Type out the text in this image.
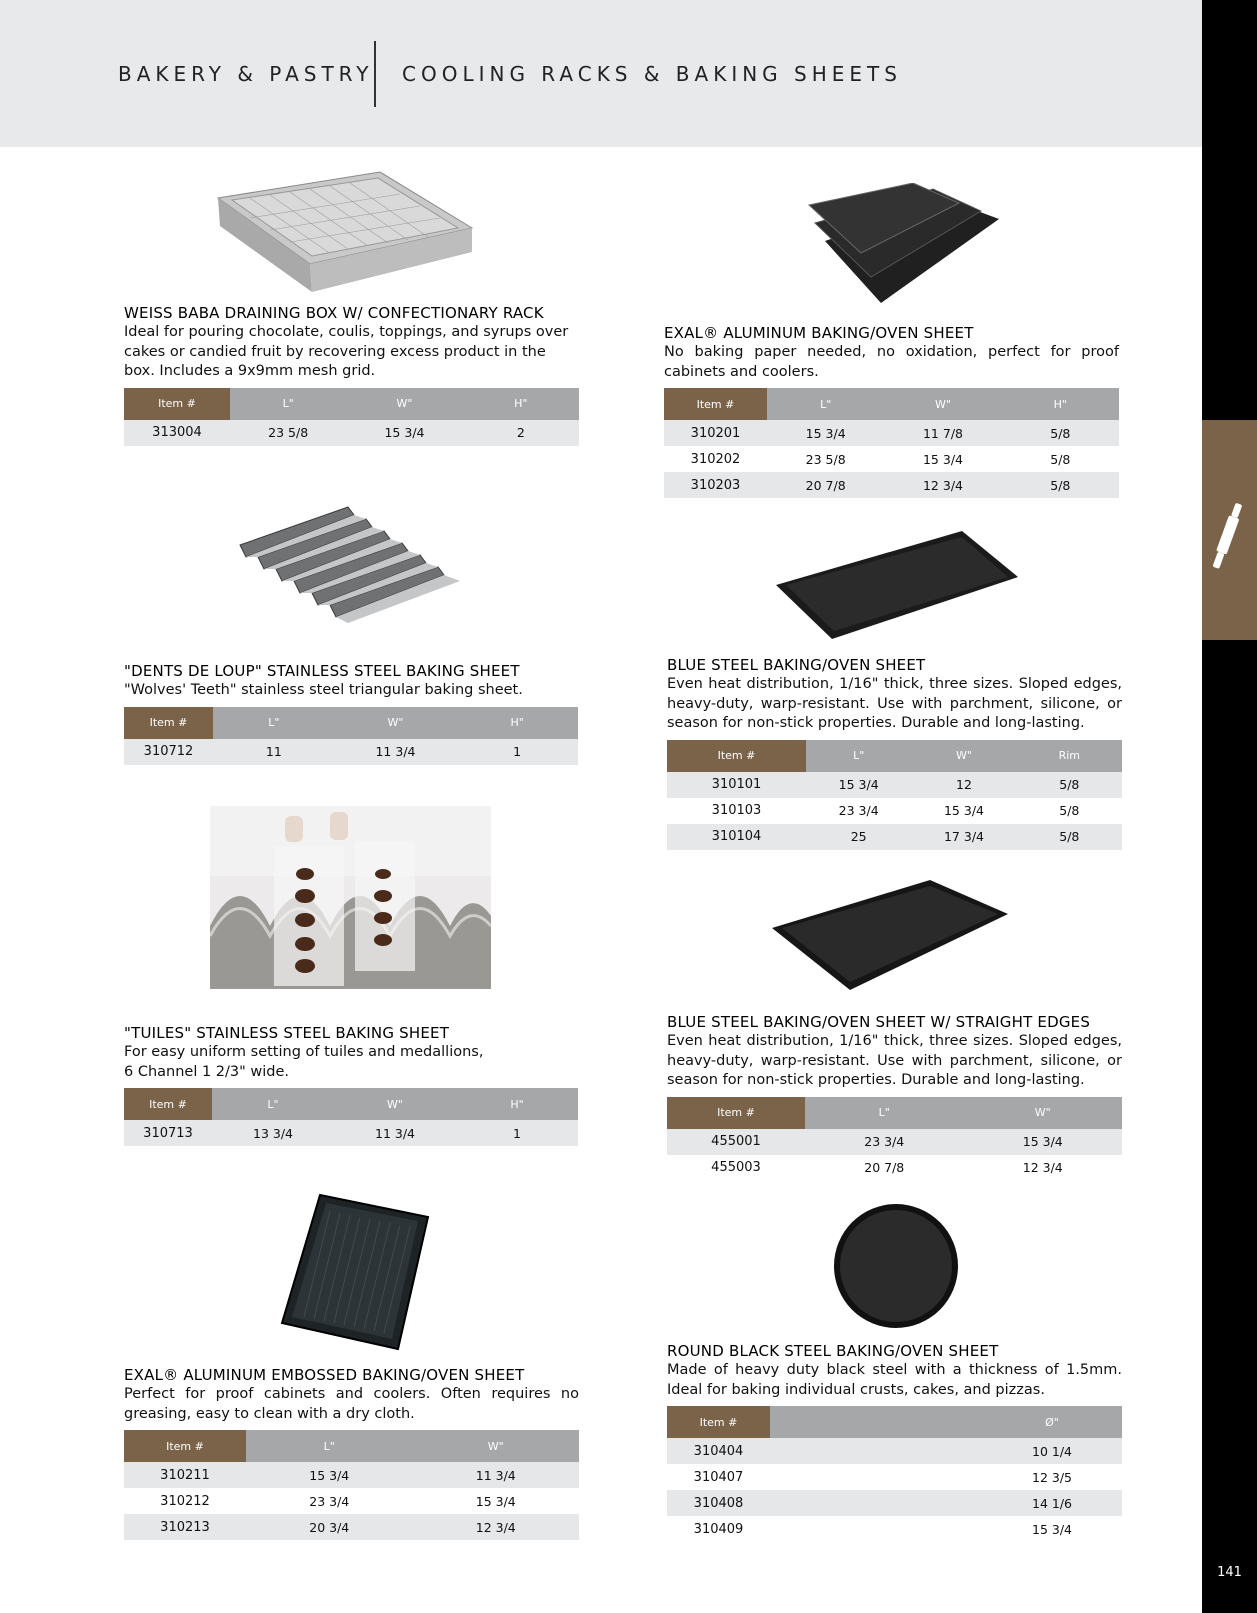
BAKERY & PASTRY COOLING RACKS & BAKING SHEETS
141
WEISS BABA DRAINING BOX W/ CONFECTIONARY RACK
Ideal for pouring chocolate, coulis, toppings, and syrups over cakes or candied fruit by recovering excess product in the box. Includes a 9x9mm mesh grid.
Item #	L"	W"	H"
313004	23 5/8	15 3/4	2
"DENTS DE LOUP" STAINLESS STEEL BAKING SHEET
"Wolves' Teeth" stainless steel triangular baking sheet.
Item #	L"	W"	H"
310712	11	11 3/4	1
"TUILES" STAINLESS STEEL BAKING SHEET
For easy uniform setting of tuiles and medallions,
6 Channel 1 2/3" wide.
Item #	L"	W"	H"
310713	13 3/4	11 3/4	1
EXAL® ALUMINUM EMBOSSED BAKING/OVEN SHEET
Perfect for proof cabinets and coolers. Often requires no greasing, easy to clean with a dry cloth.
Item #	L"	W"
310211	15 3/4	11 3/4
310212	23 3/4	15 3/4
310213	20 3/4	12 3/4
EXAL® ALUMINUM BAKING/OVEN SHEET
No baking paper needed, no oxidation, perfect for proof cabinets and coolers.
Item #	L"	W"	H"
310201	15 3/4	11 7/8	5/8
310202	23 5/8	15 3/4	5/8
310203	20 7/8	12 3/4	5/8
BLUE STEEL BAKING/OVEN SHEET
Even heat distribution, 1/16" thick, three sizes. Sloped edges, heavy-duty, warp-resistant. Use with parchment, silicone, or season for non-stick properties. Durable and long-lasting.
Item #	L"	W"	Rim
310101	15 3/4	12	5/8
310103	23 3/4	15 3/4	5/8
310104	25	17 3/4	5/8
BLUE STEEL BAKING/OVEN SHEET W/ STRAIGHT EDGES
Even heat distribution, 1/16" thick, three sizes. Sloped edges, heavy-duty, warp-resistant. Use with parchment, silicone, or season for non-stick properties. Durable and long-lasting.
Item #	L"	W"
455001	23 3/4	15 3/4
455003	20 7/8	12 3/4
ROUND BLACK STEEL BAKING/OVEN SHEET
Made of heavy duty black steel with a thickness of 1.5mm. Ideal for baking individual crusts, cakes, and pizzas.
Item #		Ø"
310404		10 1/4
310407		12 3/5
310408		14 1/6
310409		15 3/4
